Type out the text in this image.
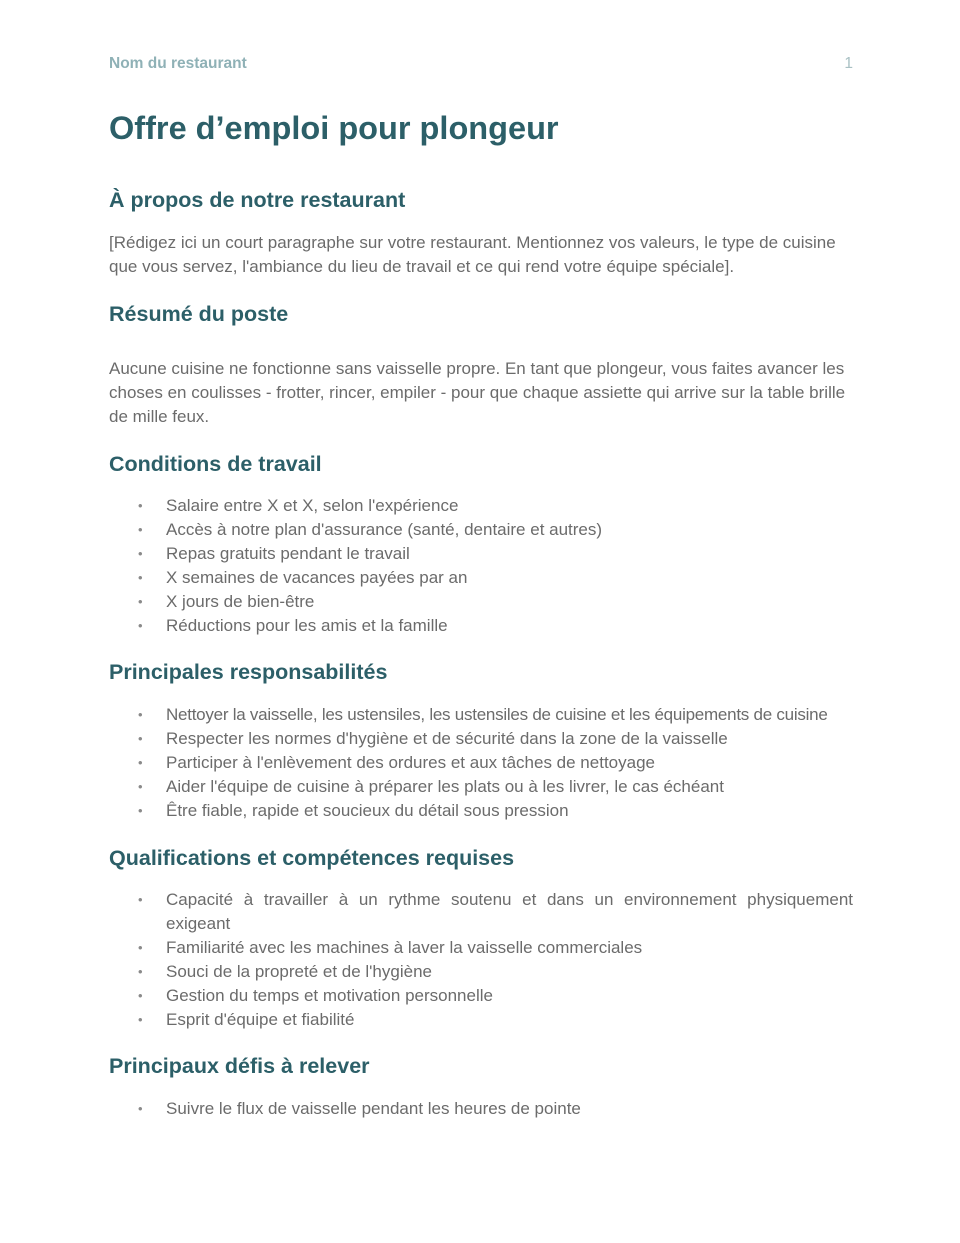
Nom du restaurant	1
Offre d’emploi pour plongeur
À propos de notre restaurant

[Rédigez ici un court paragraphe sur votre restaurant. Mentionnez vos valeurs, le type de cuisine que vous servez, l'ambiance du lieu de travail et ce qui rend votre équipe spéciale].

Résumé du poste

Aucune cuisine ne fonctionne sans vaisselle propre. En tant que plongeur, vous faites avancer les choses en coulisses - frotter, rincer, empiler - pour que chaque assiette qui arrive sur la table brille de mille feux.

Conditions de travail
• Salaire entre X et X, selon l'expérience
• Accès à notre plan d'assurance (santé, dentaire et autres)
• Repas gratuits pendant le travail
• X semaines de vacances payées par an
• X jours de bien-être
• Réductions pour les amis et la famille
Principales responsabilités
• Nettoyer la vaisselle, les ustensiles, les ustensiles de cuisine et les équipements de cuisine
• Respecter les normes d'hygiène et de sécurité dans la zone de la vaisselle
• Participer à l'enlèvement des ordures et aux tâches de nettoyage
• Aider l'équipe de cuisine à préparer les plats ou à les livrer, le cas échéant
• Être fiable, rapide et soucieux du détail sous pression
Qualifications et compétences requises
• Capacité à travailler à un rythme soutenu et dans un environnement physiquement exigeant
• Familiarité avec les machines à laver la vaisselle commerciales
• Souci de la propreté et de l'hygiène
• Gestion du temps et motivation personnelle
• Esprit d'équipe et fiabilité
Principaux défis à relever
• Suivre le flux de vaisselle pendant les heures de pointe
